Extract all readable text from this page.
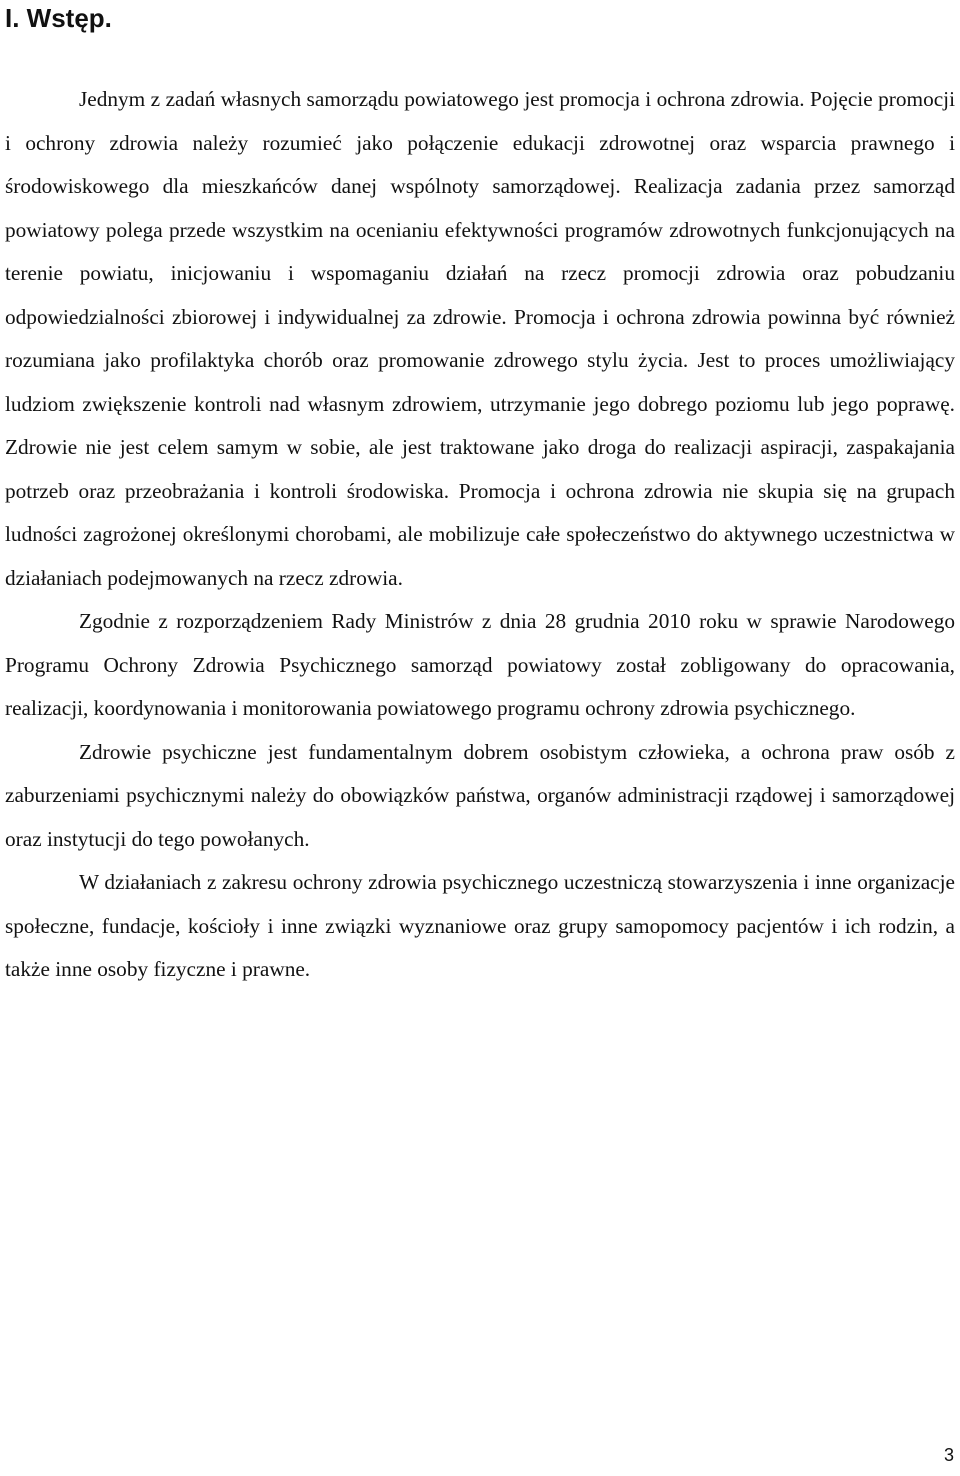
I. Wstęp.

Jednym z zadań własnych samorządu powiatowego jest promocja i ochrona zdrowia. Pojęcie promocji i ochrony zdrowia należy rozumieć jako połączenie edukacji zdrowotnej oraz wsparcia prawnego i środowiskowego dla mieszkańców danej wspólnoty samorządowej. Realizacja zadania przez samorząd powiatowy polega przede wszystkim na ocenianiu efektywności programów zdrowotnych funkcjonujących na terenie powiatu, inicjowaniu i wspomaganiu działań na rzecz promocji zdrowia oraz pobudzaniu odpowiedzialności zbiorowej i indywidualnej za zdrowie. Promocja i ochrona zdrowia powinna być również rozumiana jako profilaktyka chorób oraz promowanie zdrowego stylu życia. Jest to proces umożliwiający ludziom zwiększenie kontroli nad własnym zdrowiem, utrzymanie jego dobrego poziomu lub jego poprawę. Zdrowie nie jest celem samym w sobie, ale jest traktowane jako droga do realizacji aspiracji, zaspakajania potrzeb oraz przeobrażania i kontroli środowiska. Promocja i ochrona zdrowia nie skupia się na grupach ludności zagrożonej określonymi chorobami, ale mobilizuje całe społeczeństwo do aktywnego uczestnictwa w działaniach podejmowanych na rzecz zdrowia.

Zgodnie z rozporządzeniem Rady Ministrów z dnia 28 grudnia 2010 roku w sprawie Narodowego Programu Ochrony Zdrowia Psychicznego samorząd powiatowy został zobligowany do opracowania, realizacji, koordynowania i monitorowania powiatowego programu ochrony zdrowia psychicznego.

Zdrowie psychiczne jest fundamentalnym dobrem osobistym człowieka, a ochrona praw osób z zaburzeniami psychicznymi należy do obowiązków państwa, organów administracji rządowej i samorządowej oraz instytucji do tego powołanych.

W działaniach z zakresu ochrony zdrowia psychicznego uczestniczą stowarzyszenia i inne organizacje społeczne, fundacje, kościoły i inne związki wyznaniowe oraz grupy samopomocy pacjentów i ich rodzin, a także inne osoby fizyczne i prawne.

3
